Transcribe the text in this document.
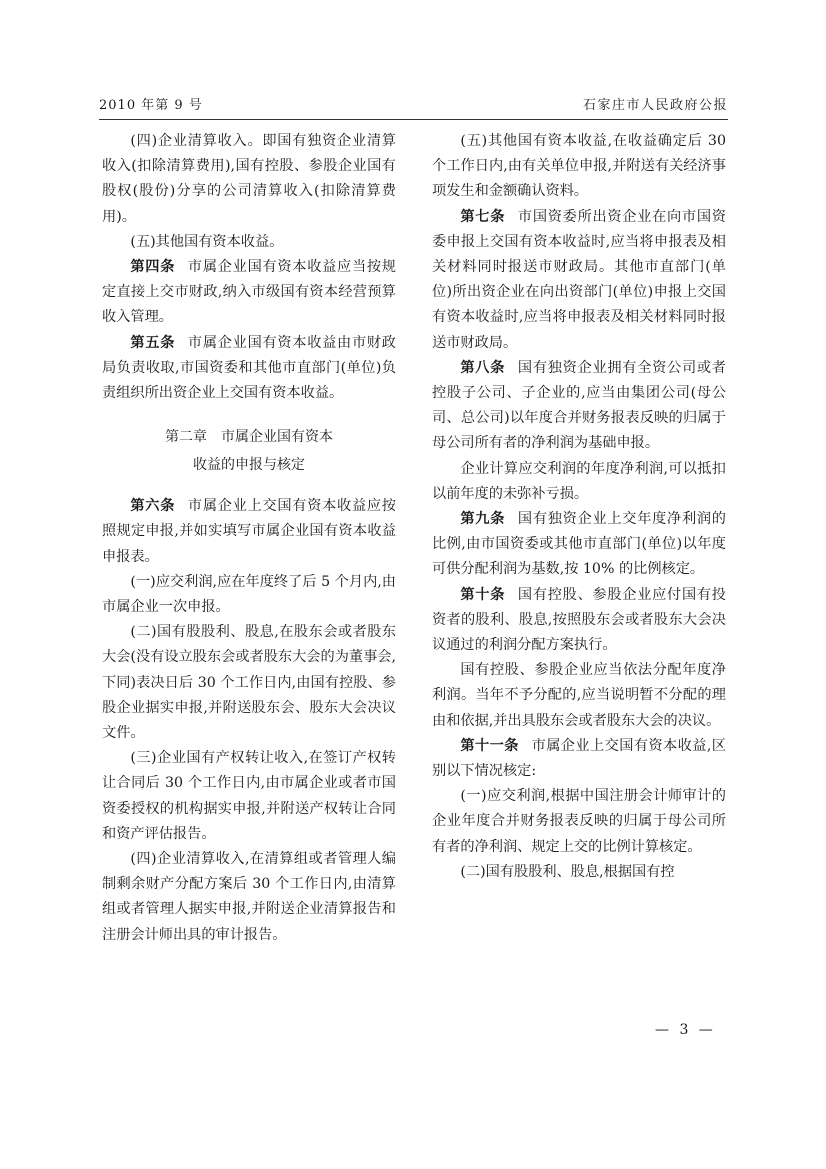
2010 年第 9 号	石家庄市人民政府公报

(四)企业清算收入。即国有独资企业清算收入(扣除清算费用),国有控股、参股企业国有股权(股份)分享的公司清算收入(扣除清算费用)。

(五)其他国有资本收益。

第四条 市属企业国有资本收益应当按规定直接上交市财政,纳入市级国有资本经营预算收入管理。

第五条 市属企业国有资本收益由市财政局负责收取,市国资委和其他市直部门(单位)负责组织所出资企业上交国有资本收益。

第二章　市属企业国有资本
收益的申报与核定

第六条 市属企业上交国有资本收益应按照规定申报,并如实填写市属企业国有资本收益申报表。

(一)应交利润,应在年度终了后 5 个月内,由市属企业一次申报。

(二)国有股股利、股息,在股东会或者股东大会(没有设立股东会或者股东大会的为董事会,下同)表决日后 30 个工作日内,由国有控股、参股企业据实申报,并附送股东会、股东大会决议文件。

(三)企业国有产权转让收入,在签订产权转让合同后 30 个工作日内,由市属企业或者市国资委授权的机构据实申报,并附送产权转让合同和资产评估报告。

(四)企业清算收入,在清算组或者管理人编制剩余财产分配方案后 30 个工作日内,由清算组或者管理人据实申报,并附送企业清算报告和注册会计师出具的审计报告。

(五)其他国有资本收益,在收益确定后 30 个工作日内,由有关单位申报,并附送有关经济事项发生和金额确认资料。

第七条 市国资委所出资企业在向市国资委申报上交国有资本收益时,应当将申报表及相关材料同时报送市财政局。其他市直部门(单位)所出资企业在向出资部门(单位)申报上交国有资本收益时,应当将申报表及相关材料同时报送市财政局。

第八条 国有独资企业拥有全资公司或者控股子公司、子企业的,应当由集团公司(母公司、总公司)以年度合并财务报表反映的归属于母公司所有者的净利润为基础申报。

企业计算应交利润的年度净利润,可以抵扣以前年度的未弥补亏损。

第九条 国有独资企业上交年度净利润的比例,由市国资委或其他市直部门(单位)以年度可供分配利润为基数,按 10% 的比例核定。

第十条 国有控股、参股企业应付国有投资者的股利、股息,按照股东会或者股东大会决议通过的利润分配方案执行。

国有控股、参股企业应当依法分配年度净利润。当年不予分配的,应当说明暂不分配的理由和依据,并出具股东会或者股东大会的决议。

第十一条 市属企业上交国有资本收益,区别以下情况核定:

(一)应交利润,根据中国注册会计师审计的企业年度合并财务报表反映的归属于母公司所有者的净利润、规定上交的比例计算核定。

(二)国有股股利、股息,根据国有控

— 3 —
